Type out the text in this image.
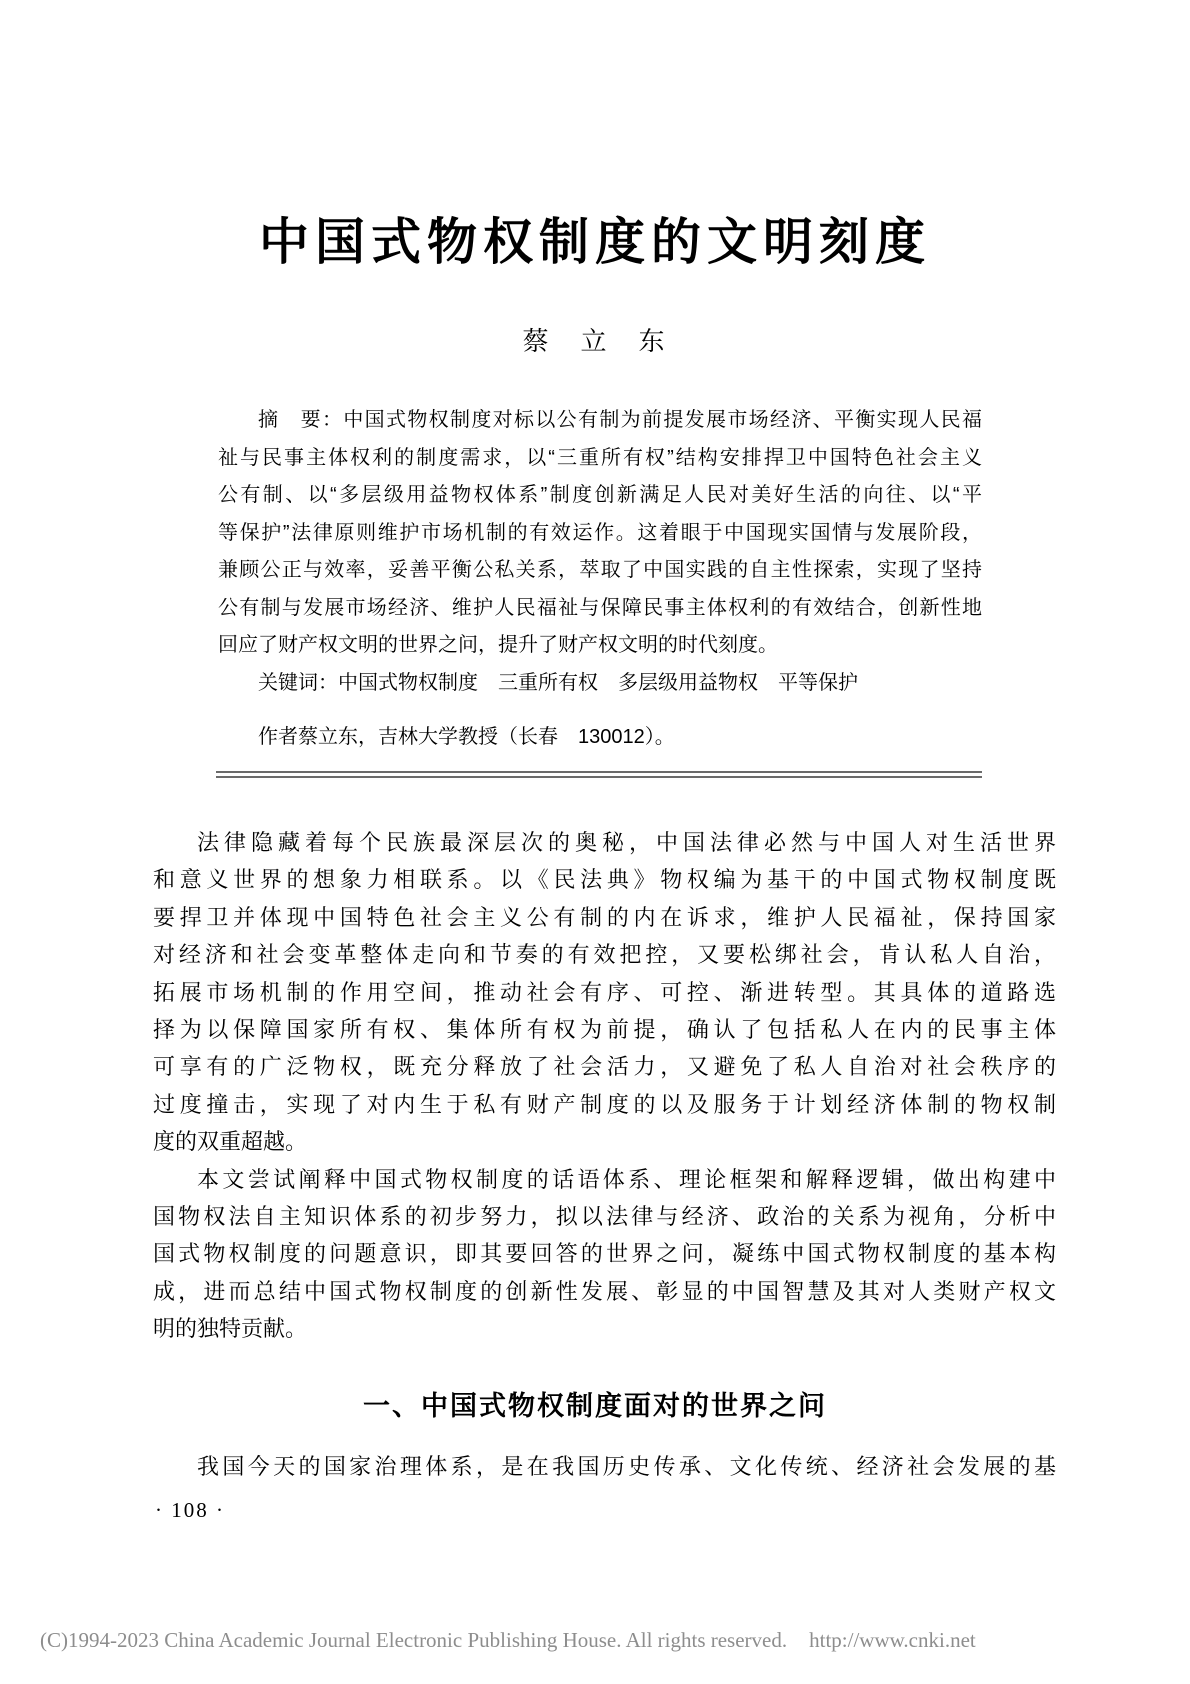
中国式物权制度的文明刻度
蔡　立　东
摘　要：中国式物权制度对标以公有制为前提发展市场经济、平衡实现人民福
祉与民事主体权利的制度需求，以“三重所有权”结构安排捍卫中国特色社会主义
公有制、以“多层级用益物权体系”制度创新满足人民对美好生活的向往、以“平
等保护”法律原则维护市场机制的有效运作。这着眼于中国现实国情与发展阶段，
兼顾公正与效率，妥善平衡公私关系，萃取了中国实践的自主性探索，实现了坚持
公有制与发展市场经济、维护人民福祉与保障民事主体权利的有效结合，创新性地
回应了财产权文明的世界之问，提升了财产权文明的时代刻度。
关键词：中国式物权制度　三重所有权　多层级用益物权　平等保护
作者蔡立东，吉林大学教授（长春　130012）。
法律隐藏着每个民族最深层次的奥秘，中国法律必然与中国人对生活世界
和意义世界的想象力相联系。以《民法典》物权编为基干的中国式物权制度既
要捍卫并体现中国特色社会主义公有制的内在诉求，维护人民福祉，保持国家
对经济和社会变革整体走向和节奏的有效把控，又要松绑社会，肯认私人自治，
拓展市场机制的作用空间，推动社会有序、可控、渐进转型。其具体的道路选
择为以保障国家所有权、集体所有权为前提，确认了包括私人在内的民事主体
可享有的广泛物权，既充分释放了社会活力，又避免了私人自治对社会秩序的
过度撞击，实现了对内生于私有财产制度的以及服务于计划经济体制的物权制
度的双重超越。
本文尝试阐释中国式物权制度的话语体系、理论框架和解释逻辑，做出构建中
国物权法自主知识体系的初步努力，拟以法律与经济、政治的关系为视角，分析中
国式物权制度的问题意识，即其要回答的世界之问，凝练中国式物权制度的基本构
成，进而总结中国式物权制度的创新性发展、彰显的中国智慧及其对人类财产权文
明的独特贡献。
一、中国式物权制度面对的世界之问
我国今天的国家治理体系，是在我国历史传承、文化传统、经济社会发展的基
· 108 ·
(C)1994-2023 China Academic Journal Electronic Publishing House. All rights reserved. http://www.cnki.net
